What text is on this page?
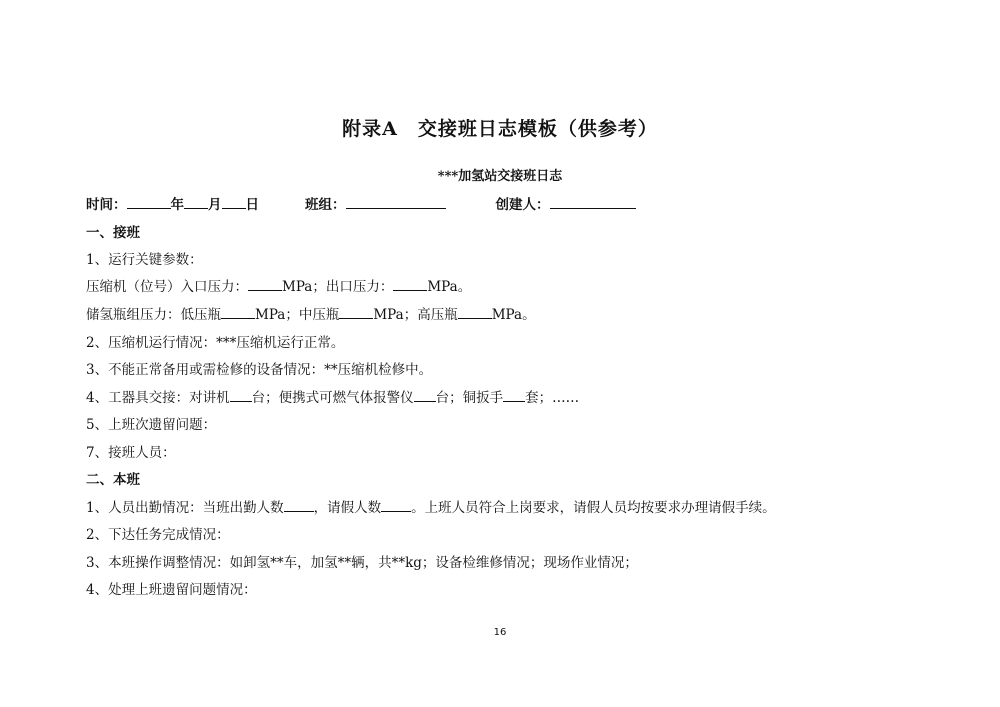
附录A　交接班日志模板（供参考）
***加氢站交接班日志
时间：	年 月 日	班组：	创建人：
一、接班
1、运行关键参数：
压缩机（位号）入口压力：	MPa；出口压力：	MPa。
储氢瓶组压力：低压瓶	MPa；中压瓶	MPa；高压瓶	MPa。
2、压缩机运行情况：***压缩机运行正常。
3、不能正常备用或需检修的设备情况：**压缩机检修中。
4、工器具交接：对讲机 台；便携式可燃气体报警仪 台；铜扳手 套；……
5、上班次遗留问题：
7、接班人员：
二、本班
1、人员出勤情况：当班出勤人数 ，请假人数 。上班人员符合上岗要求，请假人员均按要求办理请假手续。
2、下达任务完成情况：
3、本班操作调整情况：如卸氢**车，加氢**辆，共**kg；设备检维修情况；现场作业情况；
4、处理上班遗留问题情况：
16
